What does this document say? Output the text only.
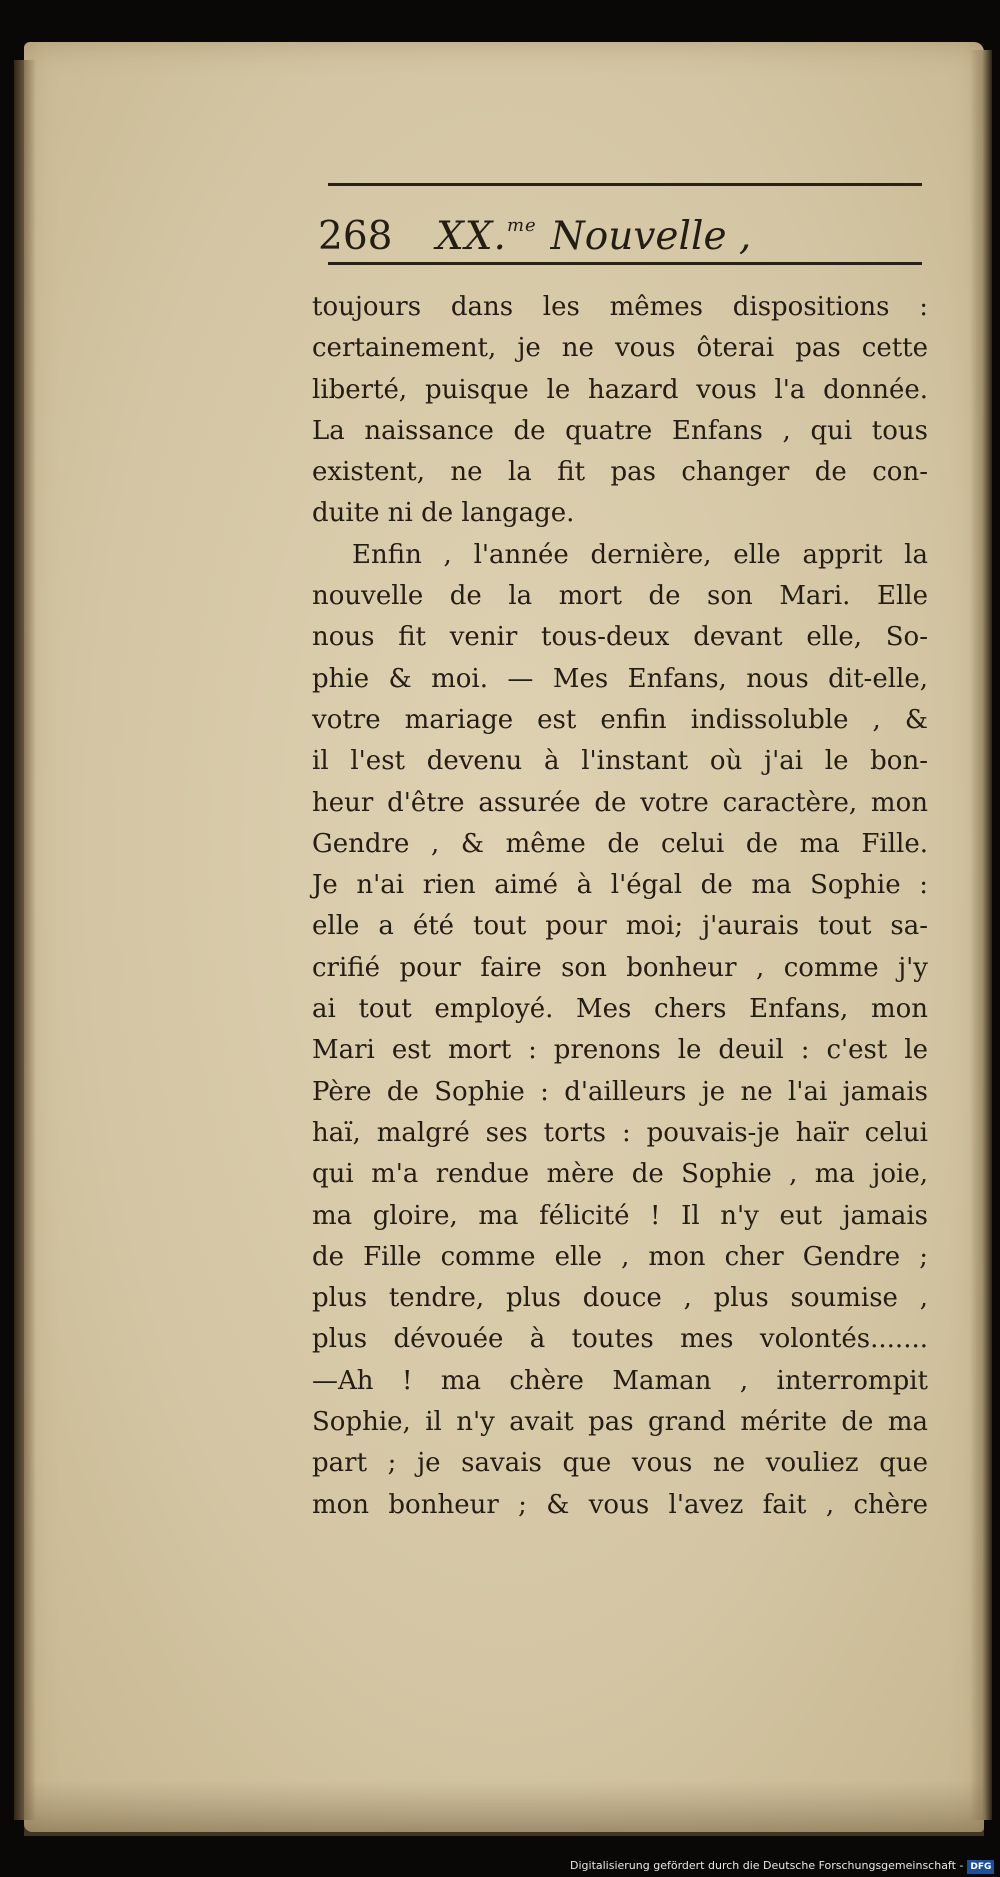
268 XX.$^{me}$ Nouvelle ,
toujours dans les mêmes dispositions :
certainement, je ne vous ôterai pas cette
liberté, puisque le hazard vous l'a donnée.
La naissance de quatre Enfans , qui tous
existent, ne la fit pas changer de con-
duite ni de langage.
Enfin , l'année dernière, elle apprit la
nouvelle de la mort de son Mari. Elle
nous fit venir tous-deux devant elle, So-
phie & moi. — Mes Enfans, nous dit-elle,
votre mariage est enfin indissoluble , &
il l'est devenu à l'instant où j'ai le bon-
heur d'être assurée de votre caractère, mon
Gendre , & même de celui de ma Fille.
Je n'ai rien aimé à l'égal de ma Sophie :
elle a été tout pour moi; j'aurais tout sa-
crifié pour faire son bonheur , comme j'y
ai tout employé. Mes chers Enfans, mon
Mari est mort : prenons le deuil : c'est le
Père de Sophie : d'ailleurs je ne l'ai jamais
haï, malgré ses torts : pouvais-je haïr celui
qui m'a rendue mère de Sophie , ma joie,
ma gloire, ma félicité ! Il n'y eut jamais
de Fille comme elle , mon cher Gendre ;
plus tendre, plus douce , plus soumise ,
plus dévouée à toutes mes volontés.......
—Ah ! ma chère Maman , interrompit
Sophie, il n'y avait pas grand mérite de ma
part ; je savais que vous ne vouliez que
mon bonheur ; & vous l'avez fait , chère
Digitalisierung gefördert durch die Deutsche Forschungsgemeinschaft - DFG
